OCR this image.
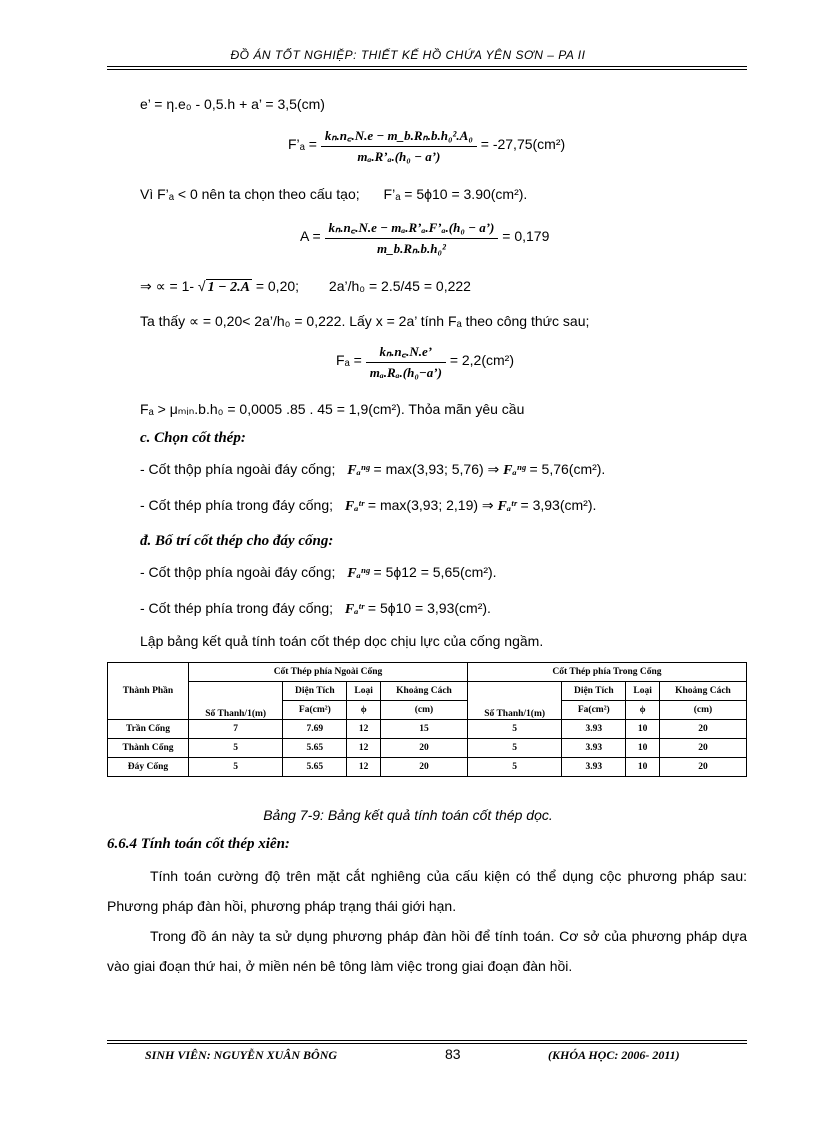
ĐỒ ÁN TỐT NGHIỆP: THIẾT KẾ HỒ CHỨA YÊN SƠN – PA II
e’ = η.e₀ - 0,5.h + a’ = 3,5(cm)
F’ₐ = $\frac{\text{kₙ.n꜀.N.e − m\_b.Rₙ.b.h₀².A₀}}{\text{mₐ.R’ₐ.(h₀ − a’)}} = -27,75(cm^2)$
Vì F’ₐ < 0 nên ta chọn theo cấu tạo; F’ₐ = 5ϕ10 = 3.90(cm²).
$A = \frac{\text{kₙ.n꜀.N.e − mₐ.R’ₐ.F’ₐ.(h₀ − a’)}}{\text{m\_b.Rₙ.b.h₀²}} = 0,179$
⇒ ∝ = 1- √ 1 − 2.A = 0,20; 2a’/h₀ = 2.5/45 = 0,222
Ta thấy ∝ = 0,20< 2a’/h₀ = 0,222. Lấy x = 2a’ tính Fₐ theo công thức sau;
$F_a = \frac{\text{kₙ.n꜀.N.e’}}{\text{mₐ.Rₐ.(h₀−a’)}} = 2,2(cm^2)$
Fₐ > μₘᵢₙ.b.h₀ = 0,0005 .85 . 45 = 1,9(cm²). Thỏa mãn yêu cầu
c. Chọn cốt thép:
- Cốt thộp phía ngoài đáy cống; Fₐⁿᵍ = max(3,93; 5,76) ⇒ Fₐⁿᵍ = 5,76(cm²).
- Cốt thép phía trong đáy cống; Fₐᵗʳ = max(3,93; 2,19) ⇒ Fₐᵗʳ = 3,93(cm²).
đ. Bố trí cốt thép cho đáy cống:
- Cốt thộp phía ngoài đáy cống; Fₐⁿᵍ = 5ϕ12 = 5,65(cm²).
- Cốt thép phía trong đáy cống; Fₐᵗʳ = 5ϕ10 = 3,93(cm²).
Lập bảng kết quả tính toán cốt thép dọc chịu lực của cống ngầm.
Thành Phần	Cốt Thép phía Ngoài Cống				Cốt Thép phía Trong Cống			
	Số Thanh/1(m)	Diện Tích	Loại	Khoảng Cách	Số Thanh/1(m)	Diện Tích	Loại	Khoảng Cách
		Fa(cm²)	ϕ	(cm)		Fa(cm²)	ϕ	(cm)
Trần Cống	7	7.69	12	15	5	3.93	10	20
Thành Cống	5	5.65	12	20	5	3.93	10	20
Đáy Cống	5	5.65	12	20	5	3.93	10	20
Bảng 7-9: Bảng kết quả tính toán cốt thép dọc.
6.6.4 Tính toán cốt thép xiên:
Tính toán cường độ trên mặt cắt nghiêng của cấu kiện có thể dụng cộc phương pháp sau: Phương pháp đàn hồi, phương pháp trạng thái giới hạn.
Trong đồ án này ta sử dụng phương pháp đàn hồi để tính toán. Cơ sở của phương pháp dựa vào giai đoạn thứ hai, ở miền nén bê tông làm việc trong giai đoạn đàn hồi.
SINH VIÊN: NGUYỄN XUÂN BÔNG	83	(KHÓA HỌC: 2006- 2011)
